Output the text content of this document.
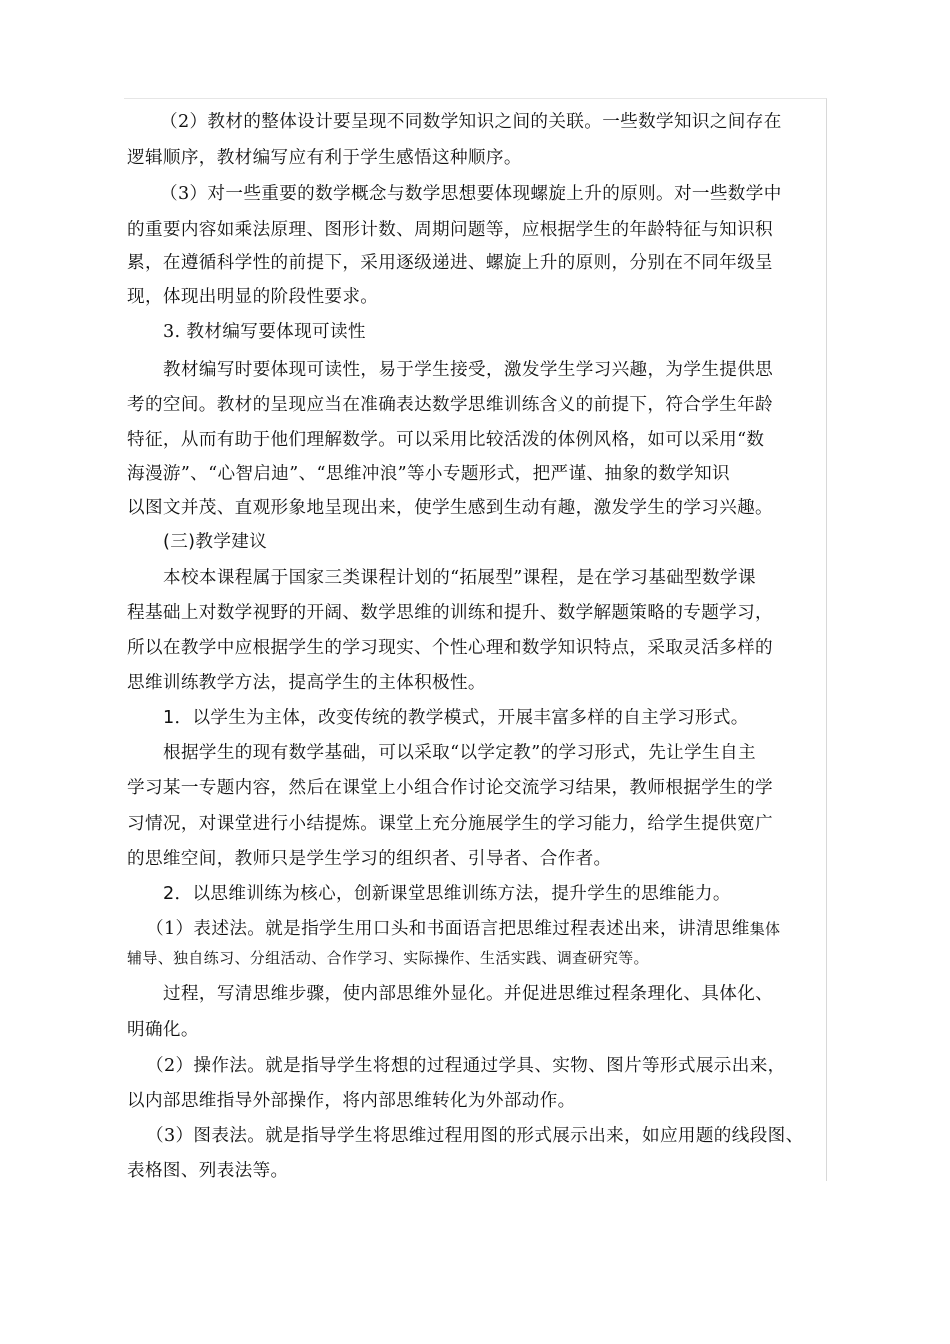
（2）教材的整体设计要呈现不同数学知识之间的关联。一些数学知识之间存在
逻辑顺序，教材编写应有利于学生感悟这种顺序。
（3）对一些重要的数学概念与数学思想要体现螺旋上升的原则。对一些数学中
的重要内容如乘法原理、图形计数、周期问题等，应根据学生的年龄特征与知识积
累，在遵循科学性的前提下，采用逐级递进、螺旋上升的原则，分别在不同年级呈
现，体现出明显的阶段性要求。
3. 教材编写要体现可读性
教材编写时要体现可读性，易于学生接受，激发学生学习兴趣，为学生提供思
考的空间。教材的呈现应当在准确表达数学思维训练含义的前提下，符合学生年龄
特征，从而有助于他们理解数学。可以采用比较活泼的体例风格，如可以采用“数
海漫游”、“心智启迪”、“思维冲浪”等小专题形式，把严谨、抽象的数学知识
以图文并茂、直观形象地呈现出来，使学生感到生动有趣，激发学生的学习兴趣。
(三)教学建议
本校本课程属于国家三类课程计划的“拓展型”课程，是在学习基础型数学课
程基础上对数学视野的开阔、数学思维的训练和提升、数学解题策略的专题学习，
所以在教学中应根据学生的学习现实、个性心理和数学知识特点，采取灵活多样的
思维训练教学方法，提高学生的主体积极性。
1．以学生为主体，改变传统的教学模式，开展丰富多样的自主学习形式。
根据学生的现有数学基础，可以采取“以学定教”的学习形式，先让学生自主
学习某一专题内容，然后在课堂上小组合作讨论交流学习结果，教师根据学生的学
习情况，对课堂进行小结提炼。课堂上充分施展学生的学习能力，给学生提供宽广
的思维空间，教师只是学生学习的组织者、引导者、合作者。
2．以思维训练为核心，创新课堂思维训练方法，提升学生的思维能力。
（1）表述法。就是指学生用口头和书面语言把思维过程表述出来，讲清思维集体
辅导、独自练习、分组活动、合作学习、实际操作、生活实践、调查研究等。
过程，写清思维步骤，使内部思维外显化。并促进思维过程条理化、具体化、
明确化。
（2）操作法。就是指导学生将想的过程通过学具、实物、图片等形式展示出来，
以内部思维指导外部操作，将内部思维转化为外部动作。
（3）图表法。就是指导学生将思维过程用图的形式展示出来，如应用题的线段图、
表格图、列表法等。
